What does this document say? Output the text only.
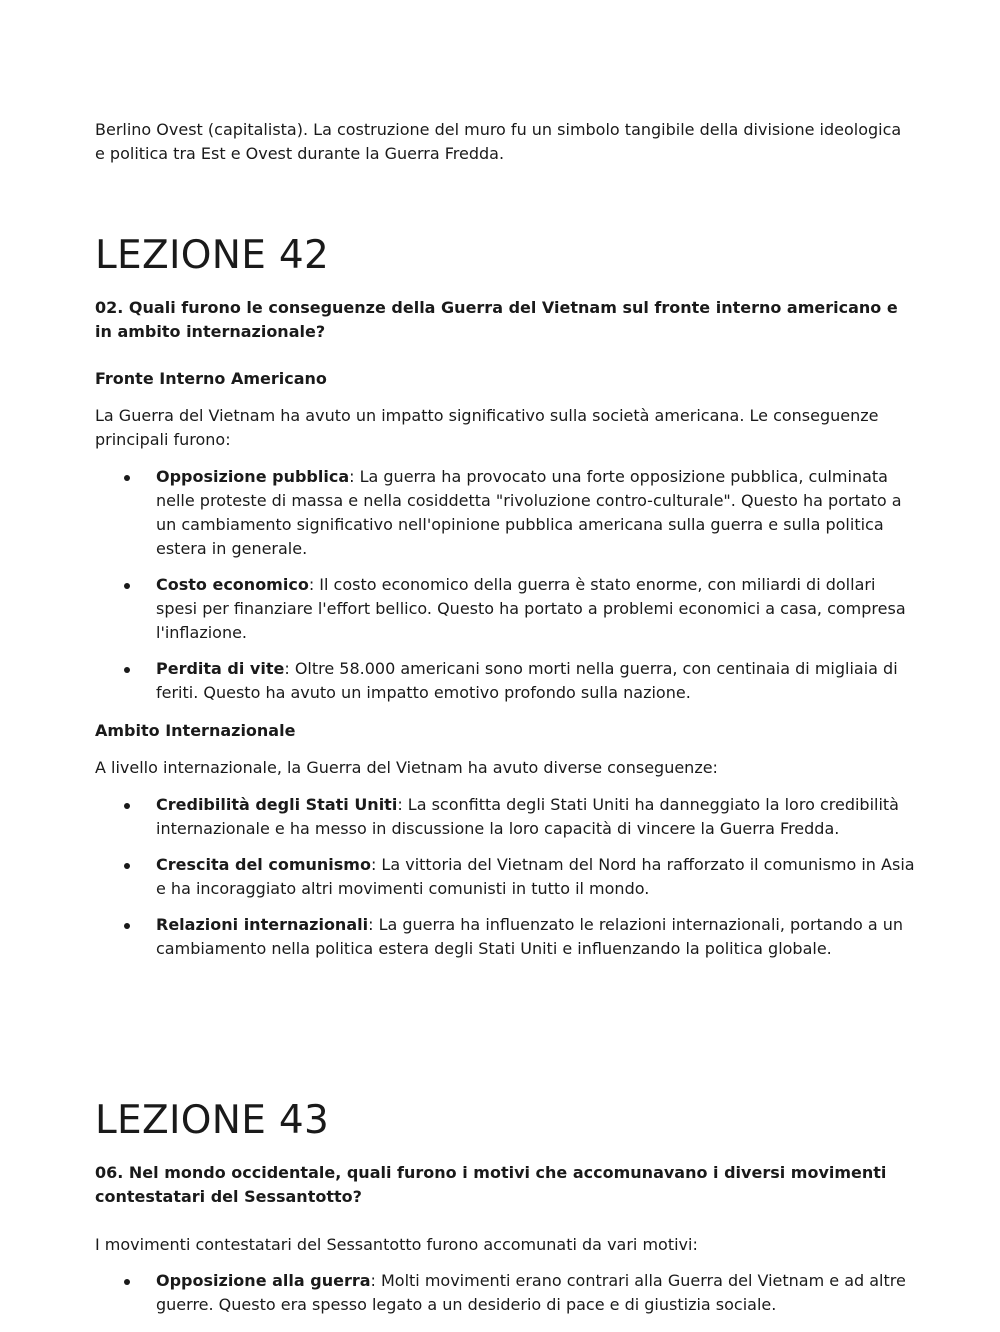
Berlino Ovest (capitalista). La costruzione del muro fu un simbolo tangibile della divisione ideologica e politica tra Est e Ovest durante la Guerra Fredda.

LEZIONE 42

02. Quali furono le conseguenze della Guerra del Vietnam sul fronte interno americano e in ambito internazionale?

Fronte Interno Americano

La Guerra del Vietnam ha avuto un impatto significativo sulla società americana. Le conseguenze principali furono:

Opposizione pubblica: La guerra ha provocato una forte opposizione pubblica, culminata nelle proteste di massa e nella cosiddetta "rivoluzione contro-culturale". Questo ha portato a un cambiamento significativo nell'opinione pubblica americana sulla guerra e sulla politica estera in generale.
Costo economico: Il costo economico della guerra è stato enorme, con miliardi di dollari spesi per finanziare l'effort bellico. Questo ha portato a problemi economici a casa, compresa l'inflazione.
Perdita di vite: Oltre 58.000 americani sono morti nella guerra, con centinaia di migliaia di feriti. Questo ha avuto un impatto emotivo profondo sulla nazione.

Ambito Internazionale

A livello internazionale, la Guerra del Vietnam ha avuto diverse conseguenze:

Credibilità degli Stati Uniti: La sconfitta degli Stati Uniti ha danneggiato la loro credibilità internazionale e ha messo in discussione la loro capacità di vincere la Guerra Fredda.
Crescita del comunismo: La vittoria del Vietnam del Nord ha rafforzato il comunismo in Asia e ha incoraggiato altri movimenti comunisti in tutto il mondo.
Relazioni internazionali: La guerra ha influenzato le relazioni internazionali, portando a un cambiamento nella politica estera degli Stati Uniti e influenzando la politica globale.
LEZIONE 43

06. Nel mondo occidentale, quali furono i motivi che accomunavano i diversi movimenti contestatari del Sessantotto?

I movimenti contestatari del Sessantotto furono accomunati da vari motivi:

Opposizione alla guerra: Molti movimenti erano contrari alla Guerra del Vietnam e ad altre guerre. Questo era spesso legato a un desiderio di pace e di giustizia sociale.
